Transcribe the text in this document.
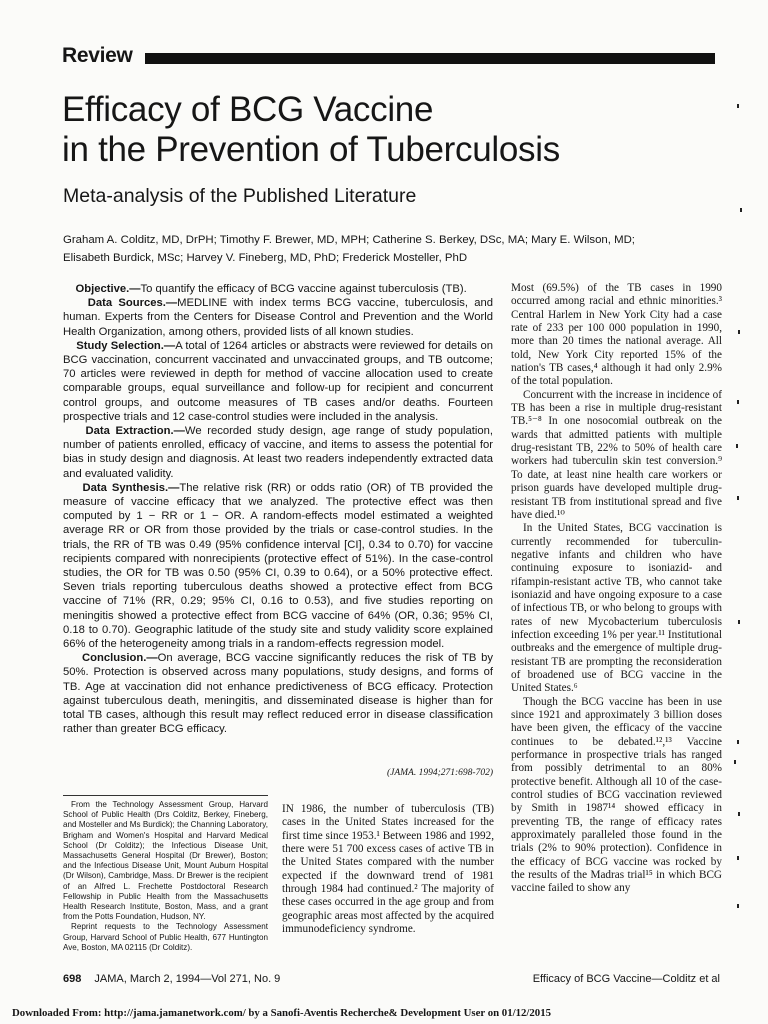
Review
Efficacy of BCG Vaccine
in the Prevention of Tuberculosis
Meta-analysis of the Published Literature
Graham A. Colditz, MD, DrPH; Timothy F. Brewer, MD, MPH; Catherine S. Berkey, DSc, MA; Mary E. Wilson, MD;
Elisabeth Burdick, MSc; Harvey V. Fineberg, MD, PhD; Frederick Mosteller, PhD

Objective.—To quantify the efficacy of BCG vaccine against tuberculosis (TB).

Data Sources.—MEDLINE with index terms BCG vaccine, tuberculosis, and human. Experts from the Centers for Disease Control and Prevention and the World Health Organization, among others, provided lists of all known studies.

Study Selection.—A total of 1264 articles or abstracts were reviewed for details on BCG vaccination, concurrent vaccinated and unvaccinated groups, and TB outcome; 70 articles were reviewed in depth for method of vaccine allocation used to create comparable groups, equal surveillance and follow-up for recipient and concurrent control groups, and outcome measures of TB cases and/or deaths. Fourteen prospective trials and 12 case-control studies were included in the analysis.

Data Extraction.—We recorded study design, age range of study population, number of patients enrolled, efficacy of vaccine, and items to assess the potential for bias in study design and diagnosis. At least two readers independently extracted data and evaluated validity.

Data Synthesis.—The relative risk (RR) or odds ratio (OR) of TB provided the measure of vaccine efficacy that we analyzed. The protective effect was then computed by 1 − RR or 1 − OR. A random-effects model estimated a weighted average RR or OR from those provided by the trials or case-control studies. In the trials, the RR of TB was 0.49 (95% confidence interval [CI], 0.34 to 0.70) for vaccine recipients compared with nonrecipients (protective effect of 51%). In the case-control studies, the OR for TB was 0.50 (95% CI, 0.39 to 0.64), or a 50% protective effect. Seven trials reporting tuberculous deaths showed a protective effect from BCG vaccine of 71% (RR, 0.29; 95% CI, 0.16 to 0.53), and five studies reporting on meningitis showed a protective effect from BCG vaccine of 64% (OR, 0.36; 95% CI, 0.18 to 0.70). Geographic latitude of the study site and study validity score explained 66% of the heterogeneity among trials in a random-effects regression model.

Conclusion.—On average, BCG vaccine significantly reduces the risk of TB by 50%. Protection is observed across many populations, study designs, and forms of TB. Age at vaccination did not enhance predictiveness of BCG efficacy. Protection against tuberculous death, meningitis, and disseminated disease is higher than for total TB cases, although this result may reflect reduced error in disease classification rather than greater BCG efficacy.

(JAMA. 1994;271:698-702)

From the Technology Assessment Group, Harvard School of Public Health (Drs Colditz, Berkey, Fineberg, and Mosteller and Ms Burdick); the Channing Laboratory, Brigham and Women's Hospital and Harvard Medical School (Dr Colditz); the Infectious Disease Unit, Massachusetts General Hospital (Dr Brewer), Boston; and the Infectious Disease Unit, Mount Auburn Hospital (Dr Wilson), Cambridge, Mass. Dr Brewer is the recipient of an Alfred L. Frechette Postdoctoral Research Fellowship in Public Health from the Massachusetts Health Research Institute, Boston, Mass, and a grant from the Potts Foundation, Hudson, NY.

Reprint requests to the Technology Assessment Group, Harvard School of Public Health, 677 Huntington Ave, Boston, MA 02115 (Dr Colditz).

IN 1986, the number of tuberculosis (TB) cases in the United States increased for the first time since 1953.¹ Between 1986 and 1992, there were 51 700 excess cases of active TB in the United States compared with the number expected if the downward trend of 1981 through 1984 had continued.² The majority of these cases occurred in the age group and from geographic areas most affected by the acquired immunodeficiency syndrome.

Most (69.5%) of the TB cases in 1990 occurred among racial and ethnic minorities.³ Central Harlem in New York City had a case rate of 233 per 100 000 population in 1990, more than 20 times the national average. All told, New York City reported 15% of the nation's TB cases,⁴ although it had only 2.9% of the total population.

Concurrent with the increase in incidence of TB has been a rise in multiple drug-resistant TB.⁵⁻⁸ In one nosocomial outbreak on the wards that admitted patients with multiple drug-resistant TB, 22% to 50% of health care workers had tuberculin skin test conversion.⁹ To date, at least nine health care workers or prison guards have developed multiple drug-resistant TB from institutional spread and five have died.¹⁰

In the United States, BCG vaccination is currently recommended for tuberculin-negative infants and children who have continuing exposure to isoniazid- and rifampin-resistant active TB, who cannot take isoniazid and have ongoing exposure to a case of infectious TB, or who belong to groups with rates of new Mycobacterium tuberculosis infection exceeding 1% per year.¹¹ Institutional outbreaks and the emergence of multiple drug-resistant TB are prompting the reconsideration of broadened use of BCG vaccine in the United States.⁶

Though the BCG vaccine has been in use since 1921 and approximately 3 billion doses have been given, the efficacy of the vaccine continues to be debated.¹²,¹³ Vaccine performance in prospective trials has ranged from possibly detrimental to an 80% protective benefit. Although all 10 of the case-control studies of BCG vaccination reviewed by Smith in 1987¹⁴ showed efficacy in preventing TB, the range of efficacy rates approximately paralleled those found in the trials (2% to 90% protection). Confidence in the efficacy of BCG vaccine was rocked by the results of the Madras trial¹⁵ in which BCG vaccine failed to show any

698 JAMA, March 2, 1994—Vol 271, No. 9	Efficacy of BCG Vaccine—Colditz et al
Downloaded From: http://jama.jamanetwork.com/ by a Sanofi-Aventis Recherche& Development User on 01/12/2015
